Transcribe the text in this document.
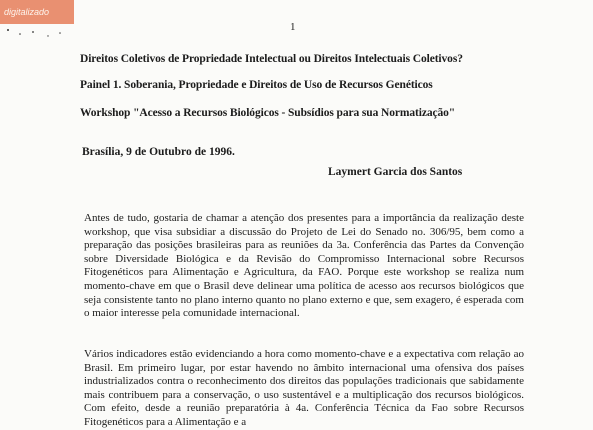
digitalizado
1
Direitos Coletivos de Propriedade Intelectual ou Direitos Intelectuais Coletivos?
Painel 1. Soberania, Propriedade e Direitos de Uso de Recursos Genéticos
Workshop "Acesso a Recursos Biológicos - Subsídios para sua Normatização"
Brasília, 9 de Outubro de 1996.
Laymert Garcia dos Santos

Antes de tudo, gostaria de chamar a atenção dos presentes para a importância da realização deste workshop, que visa subsidiar a discussão do Projeto de Lei do Senado no. 306/95, bem como a preparação das posições brasileiras para as reuniões da 3a. Conferência das Partes da Convenção sobre Diversidade Biológica e da Revisão do Compromisso Internacional sobre Recursos Fitogenéticos para Alimentação e Agricultura, da FAO. Porque este workshop se realiza num momento-chave em que o Brasil deve delinear uma política de acesso aos recursos biológicos que seja consistente tanto no plano interno quanto no plano externo e que, sem exagero, é esperada com o maior interesse pela comunidade internacional.

Vários indicadores estão evidenciando a hora como momento-chave e a expectativa com relação ao Brasil. Em primeiro lugar, por estar havendo no âmbito internacional uma ofensiva dos países industrializados contra o reconhecimento dos direitos das populações tradicionais que sabidamente mais contribuem para a conservação, o uso sustentável e a multiplicação dos recursos biológicos. Com efeito, desde a reunião preparatória à 4a. Conferência Técnica da Fao sobre Recursos Fitogenéticos para a Alimentação e a
